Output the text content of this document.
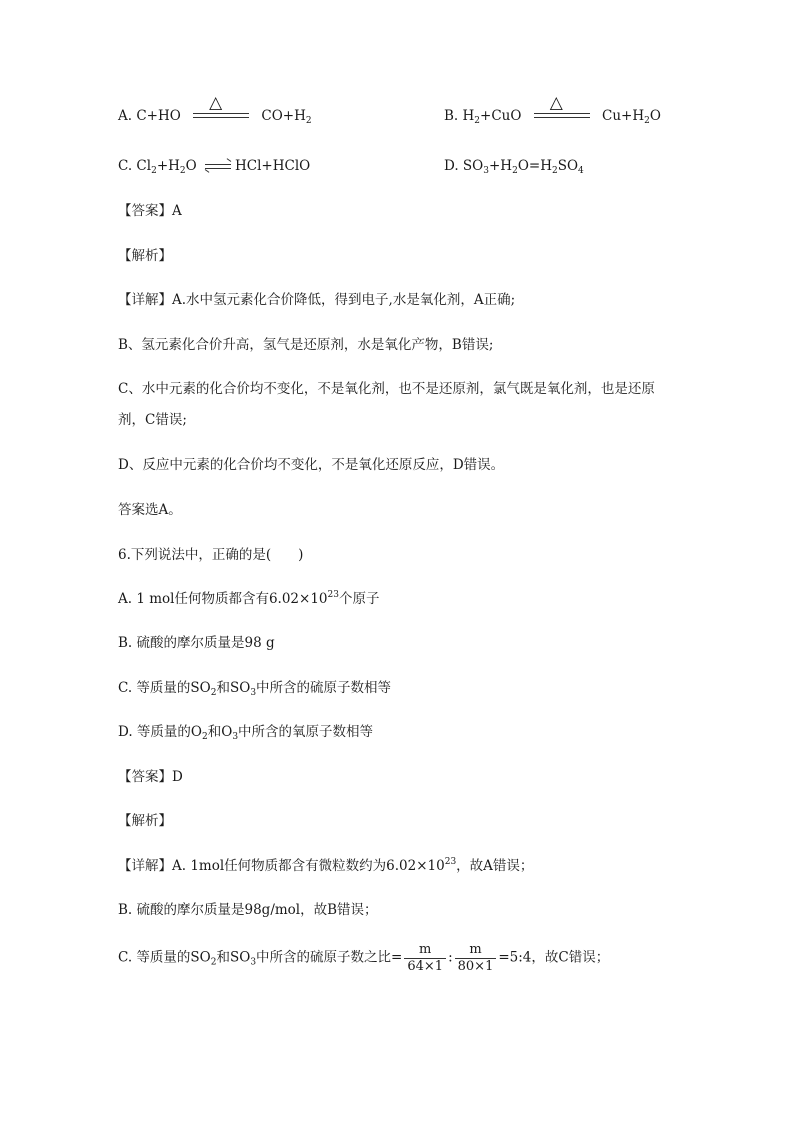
A. C+HO
△
$CO+H_2$	B. $H_2+CuO$
△
$Cu+H_2O$
C. $Cl_2+H_2O$ ⇌ HCl+HClO	D. $SO_3+H_2O=H_2SO_4$
【答案】A
【解析】
【详解】A.水中氢元素化合价降低，得到电子,水是氧化剂，A正确;
B、氢元素化合价升高，氢气是还原剂，水是氧化产物，B错误;
C、水中元素的化合价均不变化，不是氧化剂，也不是还原剂，氯气既是氧化剂，也是还原
剂，C错误;
D、反应中元素的化合价均不变化，不是氧化还原反应，D错误。
答案选A。
6.下列说法中，正确的是(　　)
A. 1 mol任何物质都含有$6.02\times 10^{23}$个原子
B. 硫酸的摩尔质量是98 g
C. 等质量的$SO_2$和$SO_3$中所含的硫原子数相等
D. 等质量的$O_2$和$O_3$中所含的氧原子数相等
【答案】D
【解析】
【详解】A. 1mol任何物质都含有微粒数约为$6.02\times 10^{23}$，故A错误；
B. 硫酸的摩尔质量是98g/mol，故B错误；
C. 等质量的$SO_2$和$SO_3$中所含的硫原子数之比= $\frac{m}{64\times 1}$ : $\frac{m}{80\times 1}$ =5:4，故C错误；
